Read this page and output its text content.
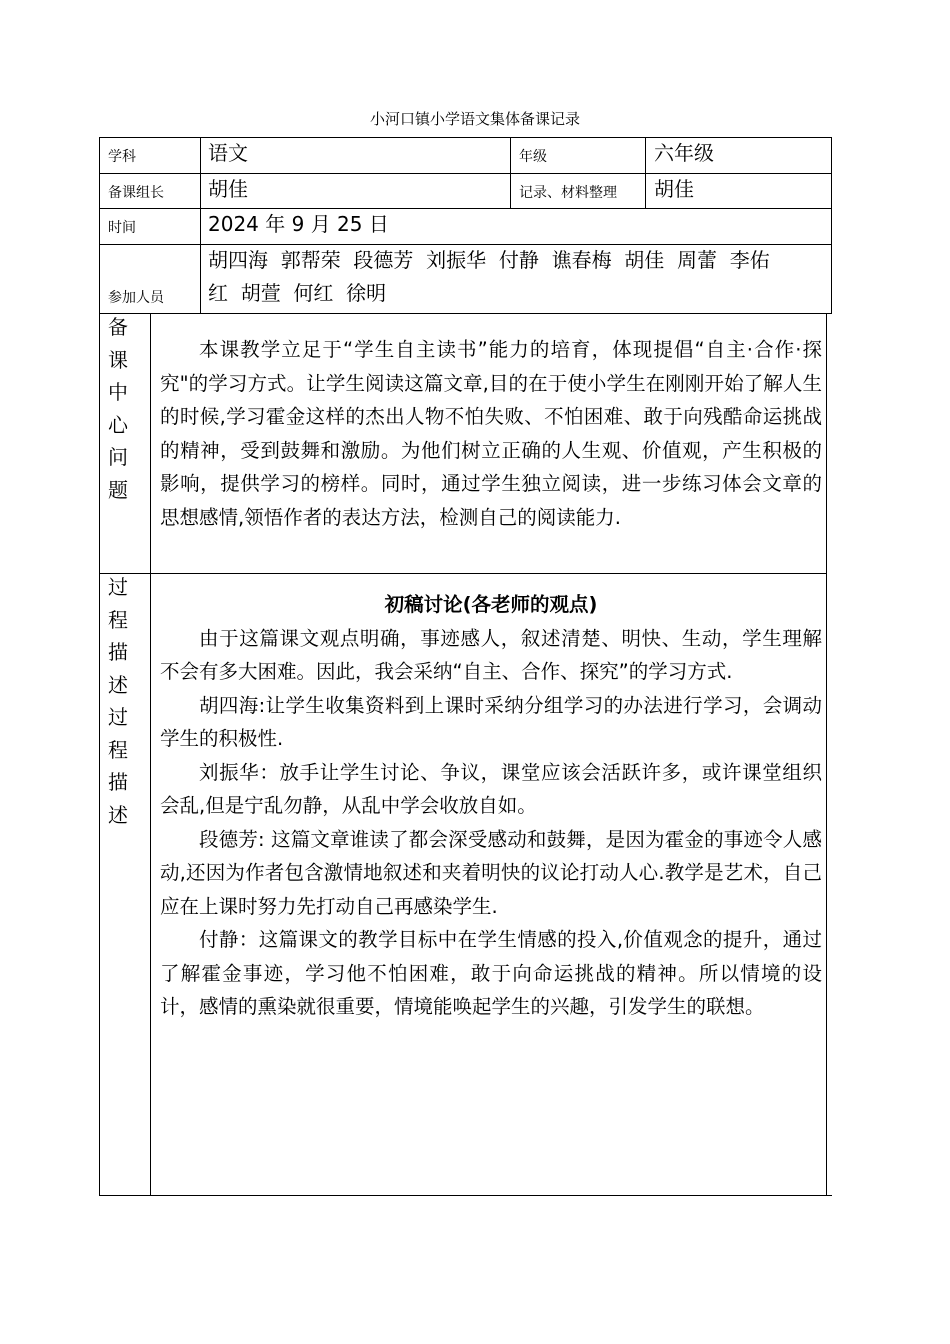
小河口镇小学语文集体备课记录
学科	语文	年级	六年级
备课组长 胡佳	记录、材料整理 胡佳
时间	2024 年 9 月 25 日
参加人员
胡四海  郭帮荣  段德芳  刘振华  付静  谯春梅  胡佳  周蕾  李佑
红  胡萱  何红  徐明
备
课
中
心
问
题

本课教学立足于“学生自主读书”能力的培育，体现提倡“自主·合作·探究"的学习方式。让学生阅读这篇文章,目的在于使小学生在刚刚开始了解人生的时候,学习霍金这样的杰出人物不怕失败、不怕困难、敢于向残酷命运挑战的精神，受到鼓舞和激励。为他们树立正确的人生观、价值观，产生积极的影响，提供学习的榜样。同时，通过学生独立阅读，进一步练习体会文章的思想感情,领悟作者的表达方法，检测自己的阅读能力.

过
程
描
述
过
程
描
述

初稿讨论(各老师的观点)

由于这篇课文观点明确，事迹感人，叙述清楚、明快、生动，学生理解不会有多大困难。因此，我会采纳“自主、合作、探究”的学习方式.

胡四海:让学生收集资料到上课时采纳分组学习的办法进行学习，会调动学生的积极性.

刘振华：放手让学生讨论、争议，课堂应该会活跃许多，或许课堂组织会乱,但是宁乱勿静，从乱中学会收放自如。

段德芳: 这篇文章谁读了都会深受感动和鼓舞，是因为霍金的事迹令人感动,还因为作者包含激情地叙述和夹着明快的议论打动人心.教学是艺术，自己应在上课时努力先打动自己再感染学生.

付静：这篇课文的教学目标中在学生情感的投入,价值观念的提升，通过了解霍金事迹，学习他不怕困难，敢于向命运挑战的精神。所以情境的设计，感情的熏染就很重要，情境能唤起学生的兴趣，引发学生的联想。
